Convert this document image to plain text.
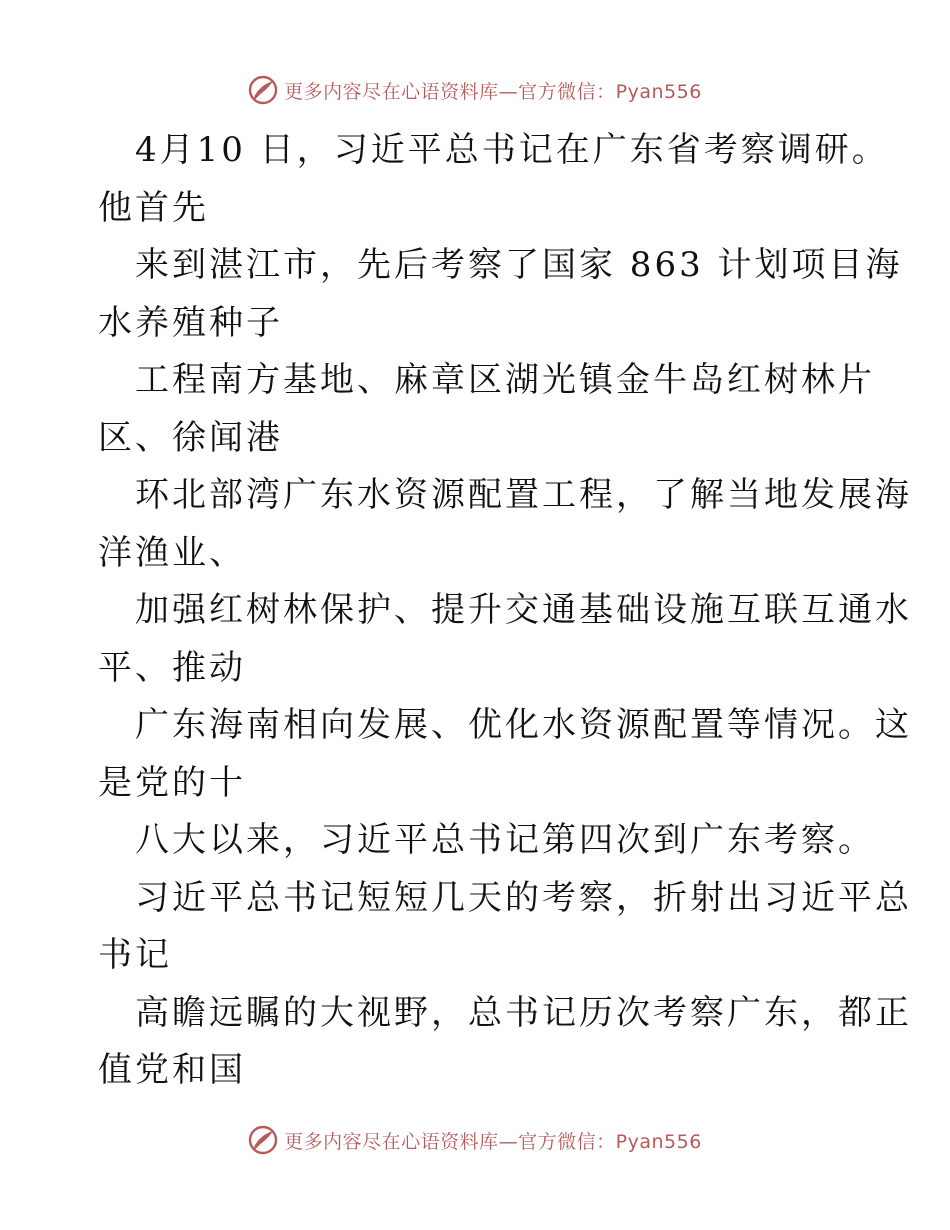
更多内容尽在心语资料库—官方微信：Pyan556
4月10 日，习近平总书记在广东省考察调研。
他首先
来到湛江市，先后考察了国家 863 计划项目海
水养殖种子
工程南方基地、麻章区湖光镇金牛岛红树林片
区、徐闻港
环北部湾广东水资源配置工程，了解当地发展海
洋渔业、
加强红树林保护、提升交通基础设施互联互通水
平、推动
广东海南相向发展、优化水资源配置等情况。这
是党的十
八大以来，习近平总书记第四次到广东考察。
习近平总书记短短几天的考察，折射出习近平总
书记
高瞻远瞩的大视野，总书记历次考察广东，都正
值党和国
更多内容尽在心语资料库—官方微信：Pyan556
